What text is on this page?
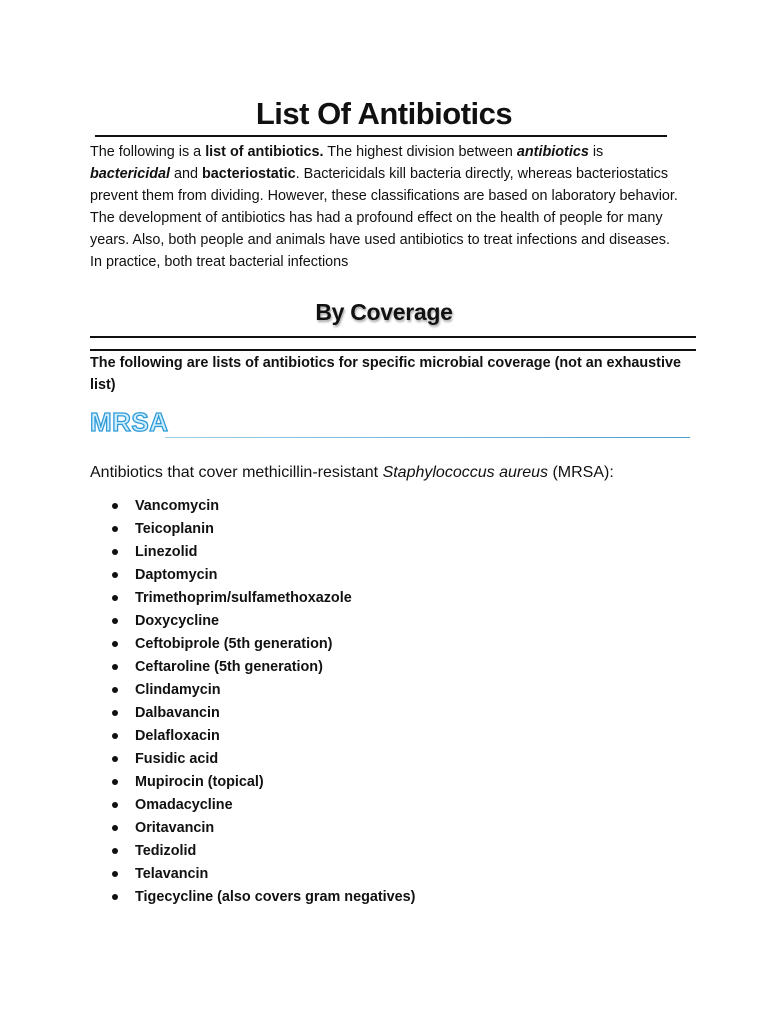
List Of Antibiotics

The following is a list of antibiotics. The highest division between antibiotics is bactericidal and bacteriostatic. Bactericidals kill bacteria directly, whereas bacteriostatics prevent them from dividing. However, these classifications are based on laboratory behavior. The development of antibiotics has had a profound effect on the health of people for many years. Also, both people and animals have used antibiotics to treat infections and diseases. In practice, both treat bacterial infections

By Coverage

The following are lists of antibiotics for specific microbial coverage (not an exhaustive list)

MRSA

Antibiotics that cover methicillin-resistant Staphylococcus aureus (MRSA):

Vancomycin
Teicoplanin
Linezolid
Daptomycin
Trimethoprim/sulfamethoxazole
Doxycycline
Ceftobiprole (5th generation)
Ceftaroline (5th generation)
Clindamycin
Dalbavancin
Delafloxacin
Fusidic acid
Mupirocin (topical)
Omadacycline
Oritavancin
Tedizolid
Telavancin
Tigecycline (also covers gram negatives)
